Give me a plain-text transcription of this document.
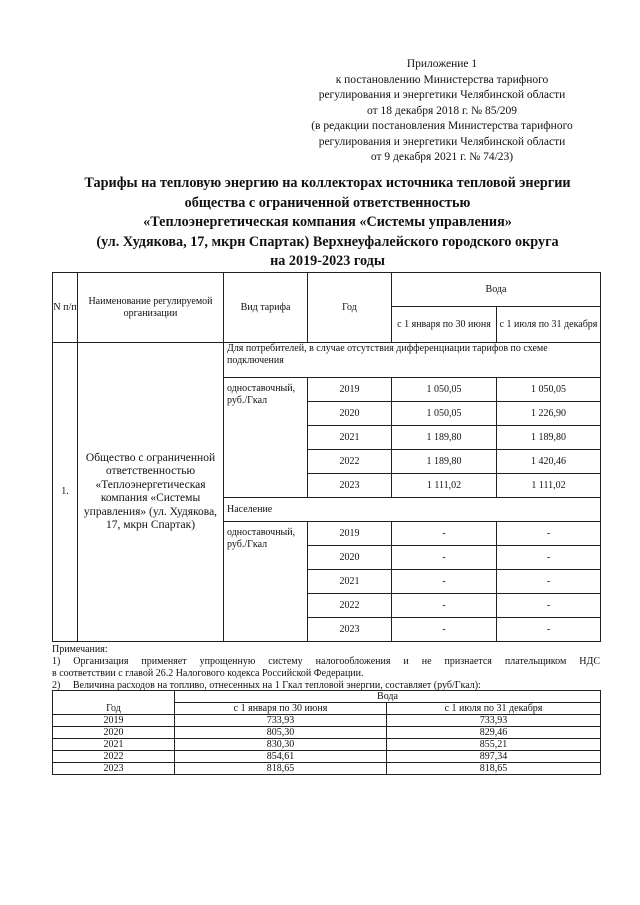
Приложение 1
к постановлению Министерства тарифного
регулирования и энергетики Челябинской области
от 18 декабря 2018 г. № 85/209
(в редакции постановления Министерства тарифного
регулирования и энергетики Челябинской области
от 9 декабря 2021 г. № 74/23)
Тарифы на тепловую энергию на коллекторах источника тепловой энергии
общества с ограниченной ответственностью
«Теплоэнергетическая компания «Системы управления»
(ул. Худякова, 17, мкрн Спартак) Верхнеуфалейского городского округа
на 2019-2023 годы
N п/п	Наименование регулируемой организации	Вид тарифа	Год	Вода	
				с 1 января по 30 июня	с 1 июля по 31 декабря
1.	Общество с ограниченной ответственностью «Теплоэнергетическая компания «Системы управления» (ул. Худякова, 17, мкрн Спартак)	Для потребителей, в случае отсутствия дифференциации тарифов по схеме подключения			
		одноставочный, руб./Гкал	2019	1 050,05	1 050,05
			2020	1 050,05	1 226,90
			2021	1 189,80	1 189,80
			2022	1 189,80	1 420,46
			2023	1 111,02	1 111,02
		Население			
		одноставочный, руб./Гкал	2019	-	-
			2020	-	-
			2021	-	-
			2022	-	-
			2023	-	-
Примечания:
1) Организация применяет упрощенную систему налогообложения и не признается плательщиком НДС
в соответствии с главой 26.2 Налогового кодекса Российской Федерации.
2)     Величина расходов на топливо, отнесенных на 1 Гкал тепловой энергии, составляет (руб/Гкал):
Год	Вода	
	с 1 января по 30 июня	с 1 июля по 31 декабря
2019	733,93	733,93
2020	805,30	829,46
2021	830,30	855,21
2022	854,61	897,34
2023	818,65	818,65
